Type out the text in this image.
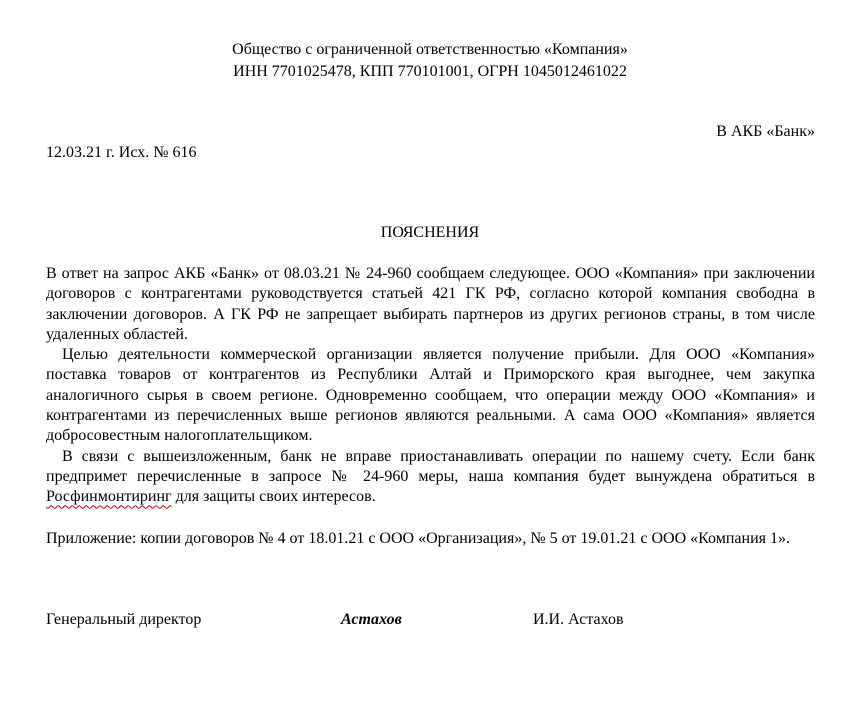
Общество с ограниченной ответственностью «Компания»
ИНН 7701025478, КПП 770101001, ОГРН 1045012461022
В АКБ «Банк»
12.03.21 г. Исх. № 616
ПОЯСНЕНИЯ

В ответ на запрос АКБ «Банк» от 08.03.21 № 24-960 сообщаем следующее. ООО «Компания» при заключении договоров с контрагентами руководствуется статьей 421 ГК РФ, согласно которой компания свободна в заключении договоров. А ГК РФ не запрещает выбирать партнеров из других регионов страны, в том числе удаленных областей.

Целью деятельности коммерческой организации является получение прибыли. Для ООО «Компания» поставка товаров от контрагентов из Республики Алтай и Приморского края выгоднее, чем закупка аналогичного сырья в своем регионе. Одновременно сообщаем, что операции между ООО «Компания» и контрагентами из перечисленных выше регионов являются реальными. А сама ООО «Компания» является добросовестным налогоплательщиком.

В связи с вышеизложенным, банк не вправе приостанавливать операции по нашему счету. Если банк предпримет перечисленные в запросе № 24-960 меры, наша компания будет вынуждена обратиться в Росфинмонтиринг для защиты своих интересов.

Приложение: копии договоров № 4 от 18.01.21 с ООО «Организация», № 5 от 19.01.21 с ООО «Компания 1».
Генеральный директор	Астахов	И.И. Астахов
